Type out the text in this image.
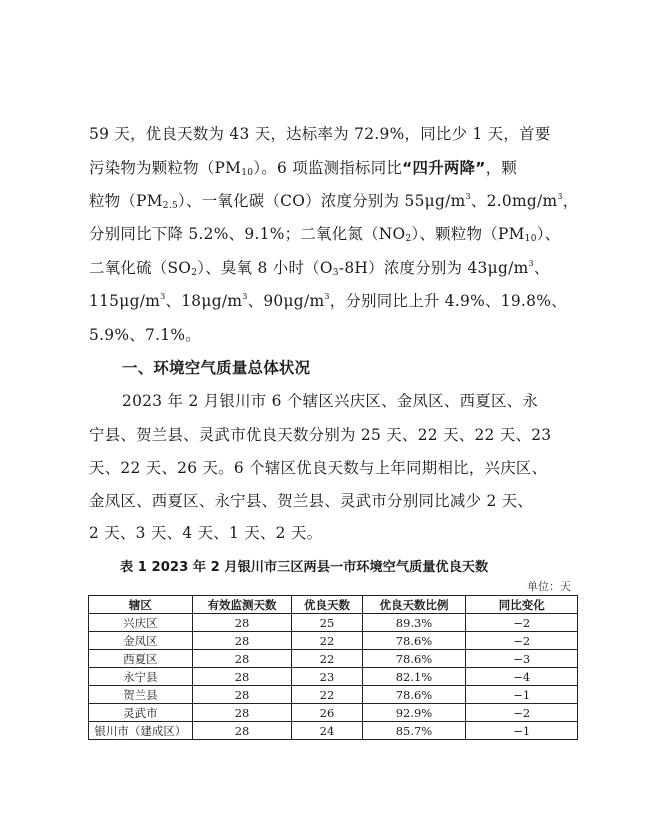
59 天，优良天数为 43 天，达标率为 72.9%，同比少 1 天，首要
污染物为颗粒物$(PM_{10})$。6 项监测指标同比“四升两降”，颗
粒物$(PM_{2.5})$、一氧化碳（CO）浓度分别为 $55\mu g/m^3$、$2.0mg/m^3$，
分别同比下降 5.2%、9.1%；二氧化氮$(NO_2)$、颗粒物$(PM_{10})$、
二氧化硫$(SO_2)$、臭氧 8 小时$(O_3-8H)$浓度分别为 $43\mu g/m^3$、
$115\mu g/m^3$、$18\mu g/m^3$、$90\mu g/m^3$，分别同比上升 4.9%、19.8%、
5.9%、7.1%。
一、环境空气质量总体状况
2023 年 2 月银川市 6 个辖区兴庆区、金凤区、西夏区、永
宁县、贺兰县、灵武市优良天数分别为 25 天、22 天、22 天、23
天、22 天、26 天。6 个辖区优良天数与上年同期相比，兴庆区、
金凤区、西夏区、永宁县、贺兰县、灵武市分别同比减少 2 天、
2 天、3 天、4 天、1 天、2 天。
表 1 2023 年 2 月银川市三区两县一市环境空气质量优良天数
单位：天
辖区	有效监测天数	优良天数	优良天数比例	同比变化
兴庆区	28	25	89.3%	−2
金凤区	28	22	78.6%	−2
西夏区	28	22	78.6%	−3
永宁县	28	23	82.1%	−4
贺兰县	28	22	78.6%	−1
灵武市	28	26	92.9%	−2
银川市（建成区）	28	24	85.7%	−1
